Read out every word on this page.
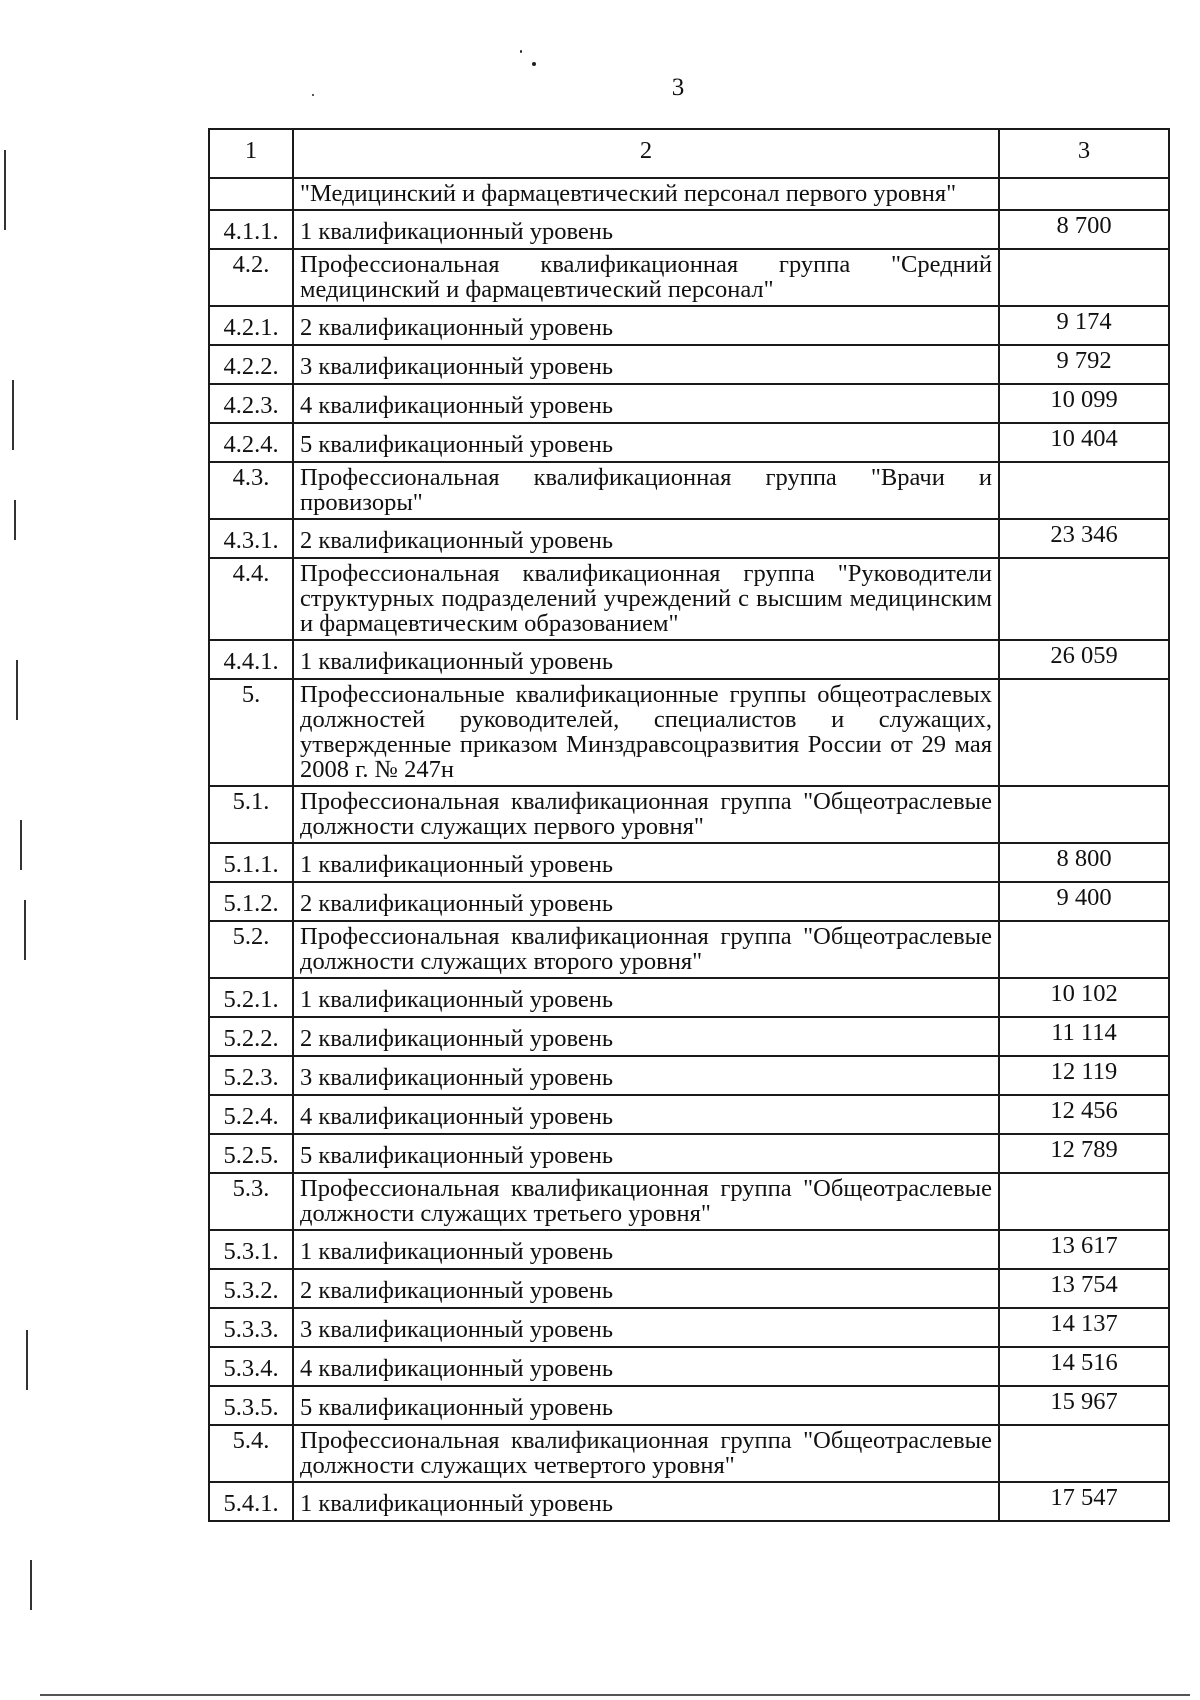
3
1	2	3
	"Медицинский и фармацевтический персонал первого уровня"	
4.1.1.	1 квалификационный уровень	8 700
4.2.	Профессиональная квалификационная группа "Средний медицинский и фармацевтический персонал"	
4.2.1.	2 квалификационный уровень	9 174
4.2.2.	3 квалификационный уровень	9 792
4.2.3.	4 квалификационный уровень	10 099
4.2.4.	5 квалификационный уровень	10 404
4.3.	Профессиональная квалификационная группа "Врачи и провизоры"	
4.3.1.	2 квалификационный уровень	23 346
4.4.	Профессиональная квалификационная группа "Руководители структурных подразделений учреждений с высшим медицинским и фармацевтическим образованием"	
4.4.1.	1 квалификационный уровень	26 059
5.	Профессиональные квалификационные группы общеотраслевых должностей руководителей, специалистов и служащих, утвержденные приказом Минздравсоцразвития России от 29 мая 2008 г. № 247н	
5.1.	Профессиональная квалификационная группа "Общеотраслевые должности служащих первого уровня"	
5.1.1.	1 квалификационный уровень	8 800
5.1.2.	2 квалификационный уровень	9 400
5.2.	Профессиональная квалификационная группа "Общеотраслевые должности служащих второго уровня"	
5.2.1.	1 квалификационный уровень	10 102
5.2.2.	2 квалификационный уровень	11 114
5.2.3.	3 квалификационный уровень	12 119
5.2.4.	4 квалификационный уровень	12 456
5.2.5.	5 квалификационный уровень	12 789
5.3.	Профессиональная квалификационная группа "Общеотраслевые должности служащих третьего уровня"	
5.3.1.	1 квалификационный уровень	13 617
5.3.2.	2 квалификационный уровень	13 754
5.3.3.	3 квалификационный уровень	14 137
5.3.4.	4 квалификационный уровень	14 516
5.3.5.	5 квалификационный уровень	15 967
5.4.	Профессиональная квалификационная группа "Общеотраслевые должности служащих четвертого уровня"	
5.4.1.	1 квалификационный уровень	17 547
